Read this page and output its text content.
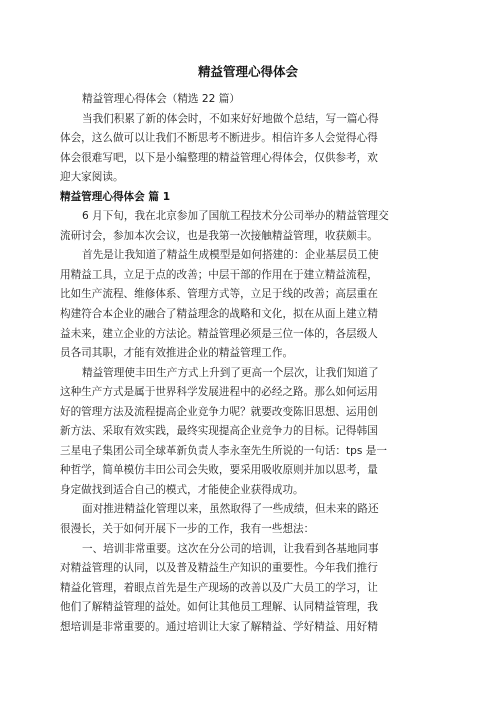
精益管理心得体会
精益管理心得体会（精选 22 篇）
当我们积累了新的体会时，不如来好好地做个总结，写一篇心得
体会，这么做可以让我们不断思考不断进步。相信许多人会觉得心得
体会很难写吧，以下是小编整理的精益管理心得体会，仅供参考，欢
迎大家阅读。
精益管理心得体会 篇 1
6 月下旬，我在北京参加了国航工程技术分公司举办的精益管理交
流研讨会，参加本次会议，也是我第一次接触精益管理，收获颇丰。
首先是让我知道了精益生成模型是如何搭建的：企业基层员工使
用精益工具，立足于点的改善；中层干部的作用在于建立精益流程，
比如生产流程、维修体系、管理方式等，立足于线的改善；高层重在
构建符合本企业的融合了精益理念的战略和文化，拟在从面上建立精
益未来，建立企业的方法论。精益管理必须是三位一体的，各层级人
员各司其职，才能有效推进企业的精益管理工作。
精益管理使丰田生产方式上升到了更高一个层次，让我们知道了
这种生产方式是属于世界科学发展进程中的必经之路。那么如何运用
好的管理方法及流程提高企业竞争力呢？就要改变陈旧思想、运用创
新方法、采取有效实践，最终实现提高企业竞争力的目标。记得韩国
三星电子集团公司全球革新负责人李永奎先生所说的一句话：tps 是一
种哲学，简单模仿丰田公司会失败，要采用吸收原则并加以思考，量
身定做找到适合自己的模式，才能使企业获得成功。
面对推进精益化管理以来，虽然取得了一些成绩，但未来的路还
很漫长，关于如何开展下一步的工作，我有一些想法：
一、培训非常重要。这次在分公司的培训，让我看到各基地同事
对精益管理的认同，以及普及精益生产知识的重要性。今年我们推行
精益化管理，着眼点首先是生产现场的改善以及广大员工的学习，让
他们了解精益管理的益处。如何让其他员工理解、认同精益管理，我
想培训是非常重要的。通过培训让大家了解精益、学好精益、用好精
